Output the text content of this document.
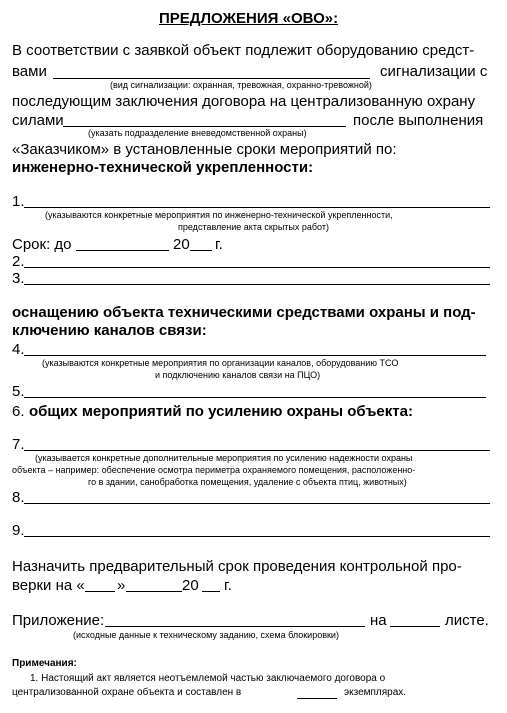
ПРЕДЛОЖЕНИЯ «ОВО»:
В соответствии с заявкой объект подлежит оборудованию средст-
вами	сигнализации с
(вид сигнализации: охранная, тревожная, охранно-тревожной)
последующим заключения договора на централизованную охрану
силами	после выполнения
(указать подразделение вневедомственной охраны)
«Заказчиком» в установленные сроки мероприятий по:
инженерно-технической укрепленности:
1.
(указываются конкретные мероприятия по инженерно-технической укрепленности,
представление акта скрытых работ)
Срок: до	20 г.
2.
3.
оснащению объекта техническими средствами охраны и под-
ключению каналов связи:
4.
(указываются конкретные мероприятия по организации каналов, оборудованию ТСО
и подключению каналов связи на ПЦО)
5.
6. общих мероприятий по усилению охраны объекта:
7.
(указывается конкретные дополнительные мероприятия по усилению надежности охраны
объекта – например: обеспечение осмотра периметра охраняемого помещения, расположенно-
го в здании, санобработка помещения, удаление с объекта птиц, животных)
8.
9.
Назначить предварительный срок проведения контрольной про-
верки на « »	20 г.
Приложение:	на	листе.
(исходные данные к техническому заданию, схема блокировки)
Примечания:
1. Настоящий акт является неотъемлемой частью заключаемого договора о
централизованной охране объекта и составлен в	экземплярах.
